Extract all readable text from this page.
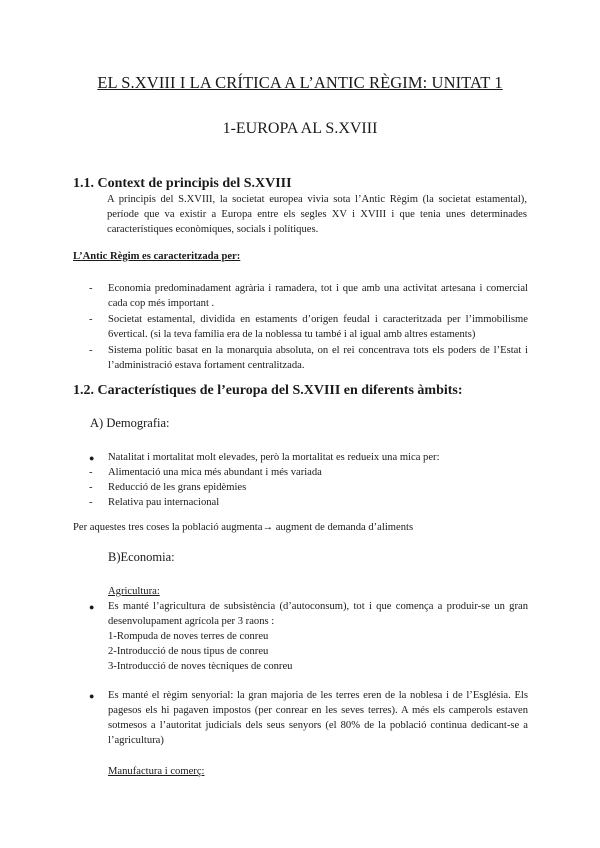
EL S.XVIII I LA CRÍTICA A L’ANTIC RÈGIM: UNITAT 1
1-EUROPA AL S.XVIII
1.1. Context de principis del S.XVIII

A principis del S.XVIII, la societat europea vivia sota l’Antic Règim (la societat estamental), període que va existir a Europa entre els segles XV i XVIII i que tenia unes determinades característiques econòmiques, socials i polítiques.

L’Antic Règim es caracteritzada per:

- Economia predominadament agrària i ramadera, tot i que amb una activitat artesana i comercial cada cop més important .
- Societat estamental, dividida en estaments d’origen feudal i caracteritzada per l’immobilisme 6vertical. (si la teva família era de la noblessa tu també i al igual amb altres estaments)
- Sistema polític basat en la monarquia absoluta, on el rei concentrava tots els poders de l’Estat i l’administració estava fortament centralitzada.
1.2. Característiques de l’europa del S.XVIII en diferents àmbits:

A) Demografia:

● Natalitat i mortalitat molt elevades, però la mortalitat es redueix una mica per:
- Alimentació una mica més abundant i més variada
- Reducció de les grans epidèmies
- Relativa pau internacional

Per aquestes tres coses la població augmenta→ augment de demanda d’aliments

B)Economia:

Agricultura:

● Es manté l’agricultura de subsistència (d’autoconsum), tot i que comença a produir-se un gran desenvolupament agrícola per 3 raons :
1-Rompuda de noves terres de conreu
2-Introducció de nous tipus de conreu
3-Introducció de noves tècniques de conreu
● Es manté el règim senyorial: la gran majoria de les terres eren de la noblesa i de l’Església. Els pagesos els hi pagaven impostos (per conrear en les seves terres). A més els camperols estaven sotmesos a l’autoritat judicials dels seus senyors (el 80% de la població continua dedicant-se a l’agricultura)

Manufactura i comerç:
